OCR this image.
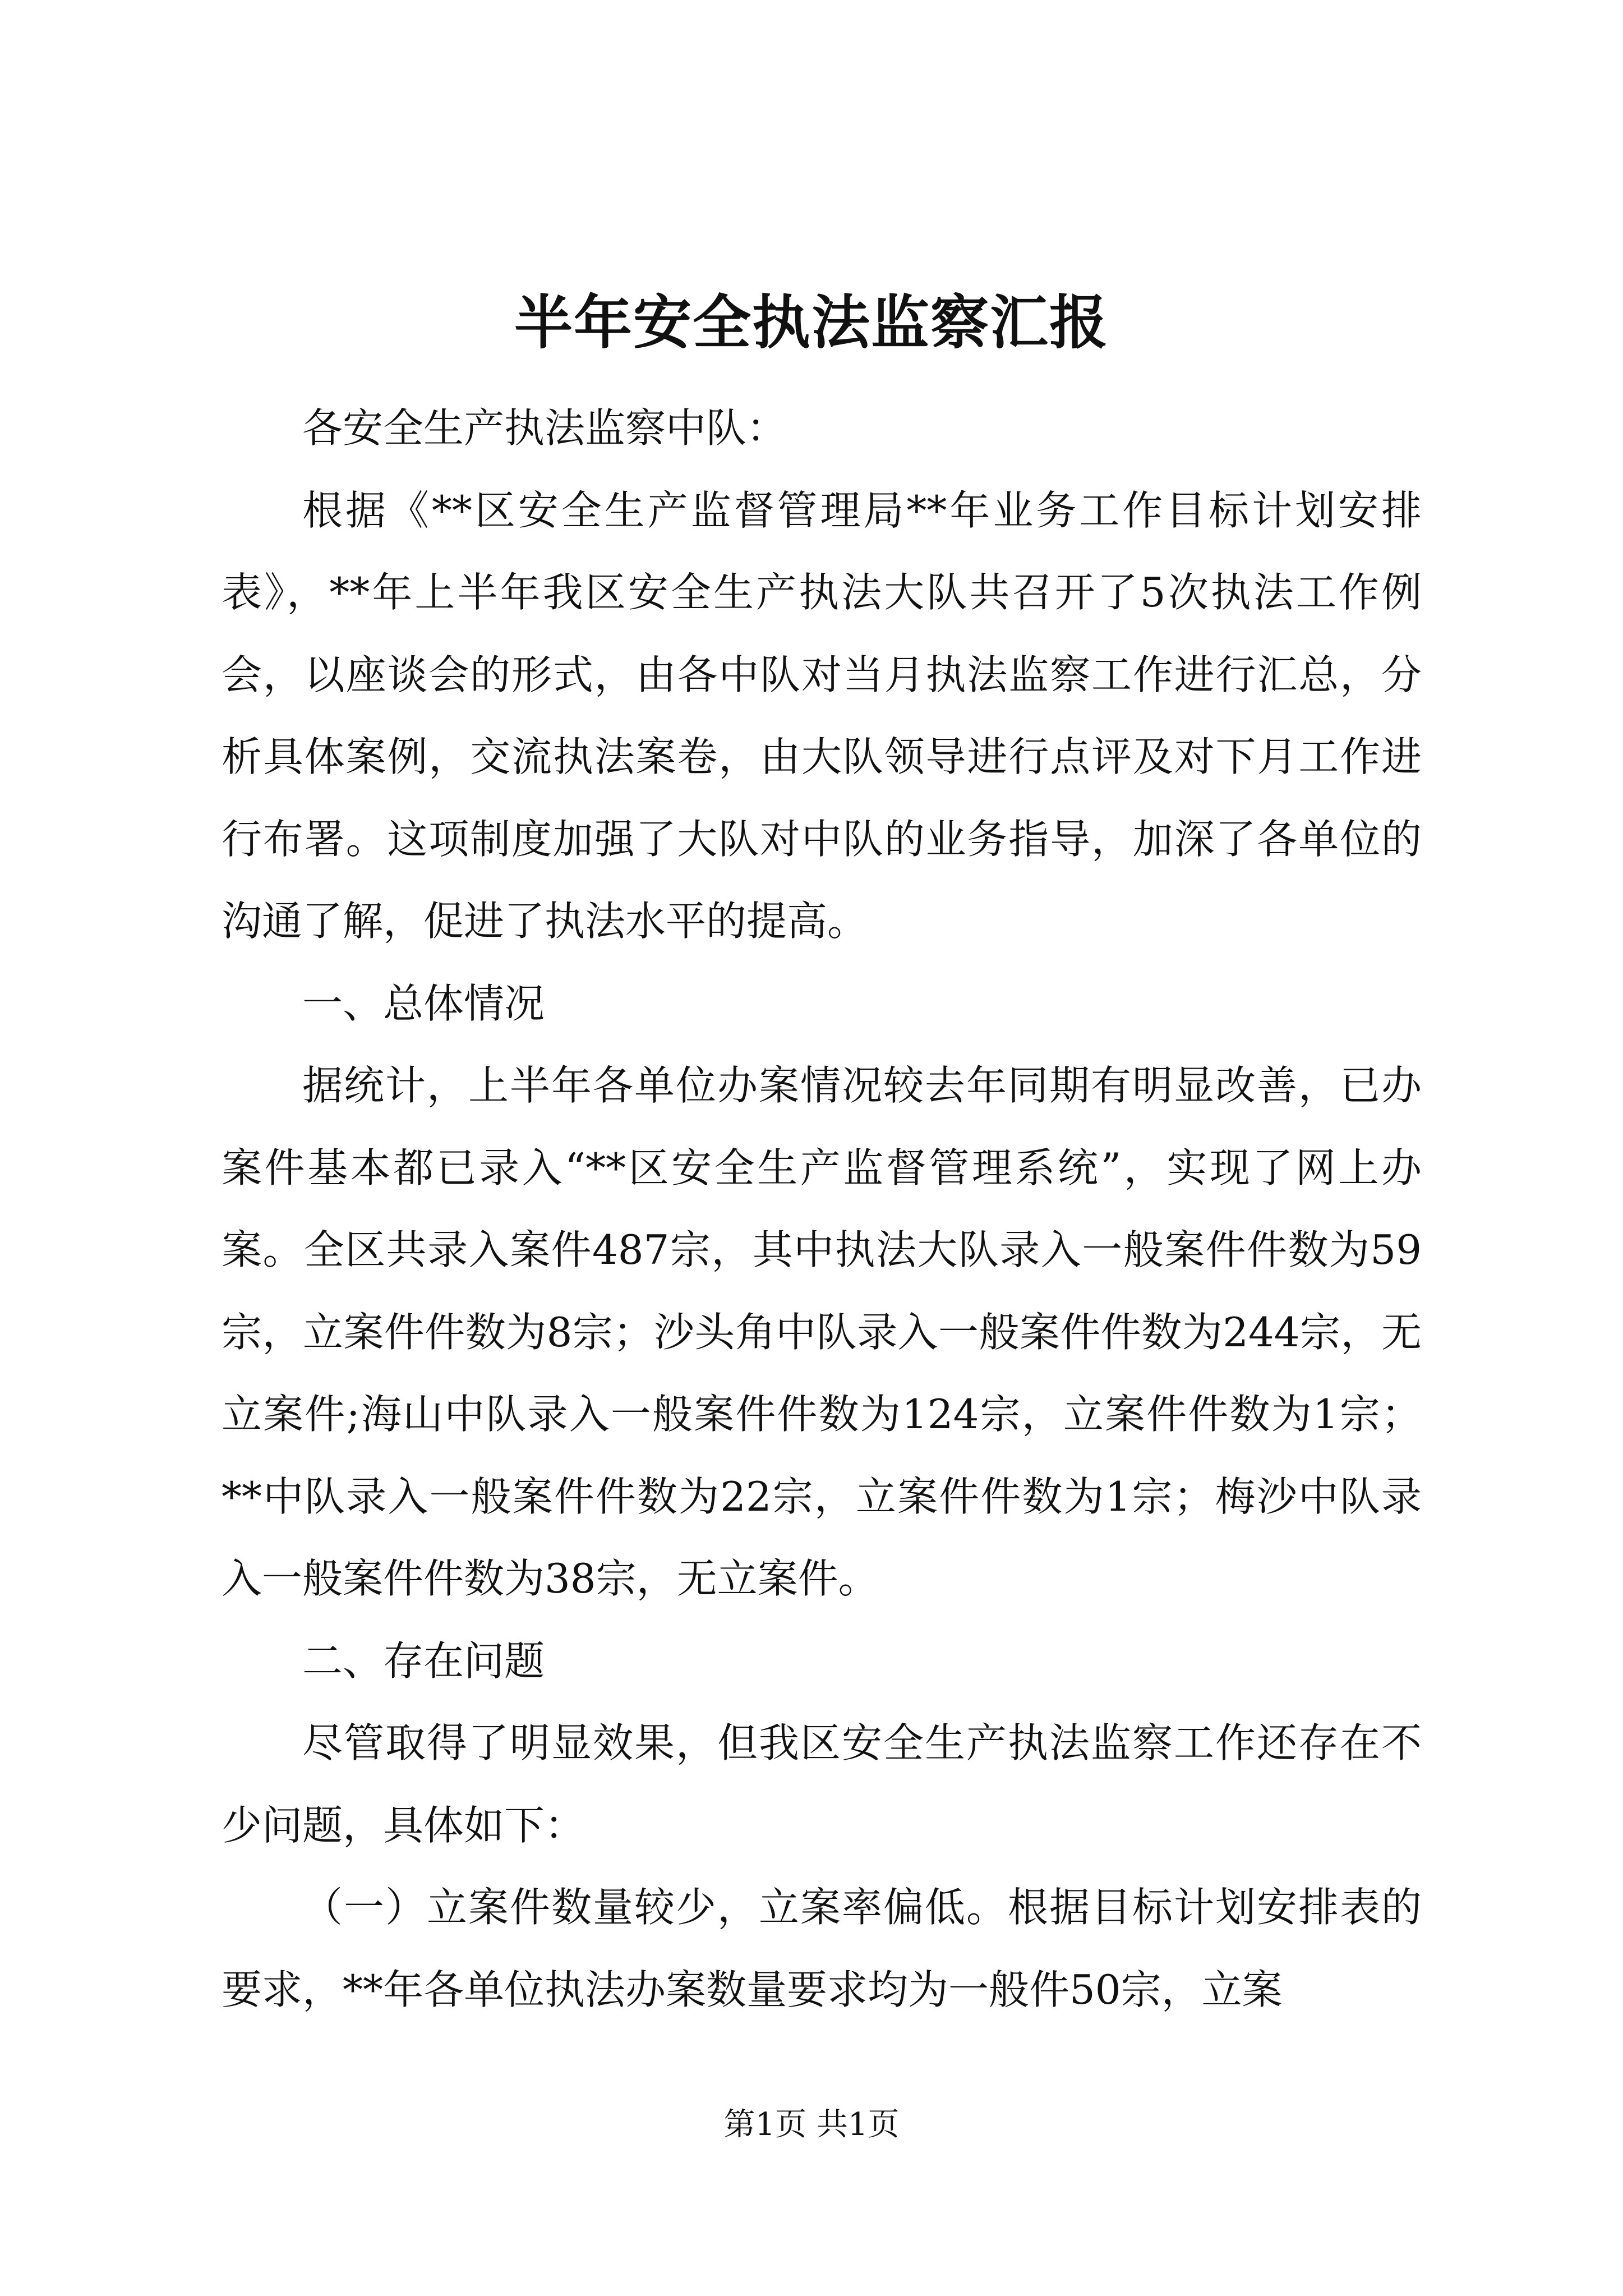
半年安全执法监察汇报

各安全生产执法监察中队：

根据《**区安全生产监督管理局**年业务工作目标计划安排表》，**年上半年我区安全生产执法大队共召开了5次执法工作例会，以座谈会的形式，由各中队对当月执法监察工作进行汇总，分析具体案例，交流执法案卷，由大队领导进行点评及对下月工作进行布署。这项制度加强了大队对中队的业务指导，加深了各单位的沟通了解，促进了执法水平的提高。

一、总体情况

据统计，上半年各单位办案情况较去年同期有明显改善，已办案件基本都已录入“**区安全生产监督管理系统”，实现了网上办案。全区共录入案件487宗，其中执法大队录入一般案件件数为59宗，立案件件数为8宗；沙头角中队录入一般案件件数为244宗，无立案件;海山中队录入一般案件件数为124宗，立案件件数为1宗；**中队录入一般案件件数为22宗，立案件件数为1宗；梅沙中队录入一般案件件数为38宗，无立案件。

二、存在问题

尽管取得了明显效果，但我区安全生产执法监察工作还存在不少问题，具体如下：

（一）立案件数量较少，立案率偏低。根据目标计划安排表的要求，**年各单位执法办案数量要求均为一般件50宗，立案

第1页 共1页
